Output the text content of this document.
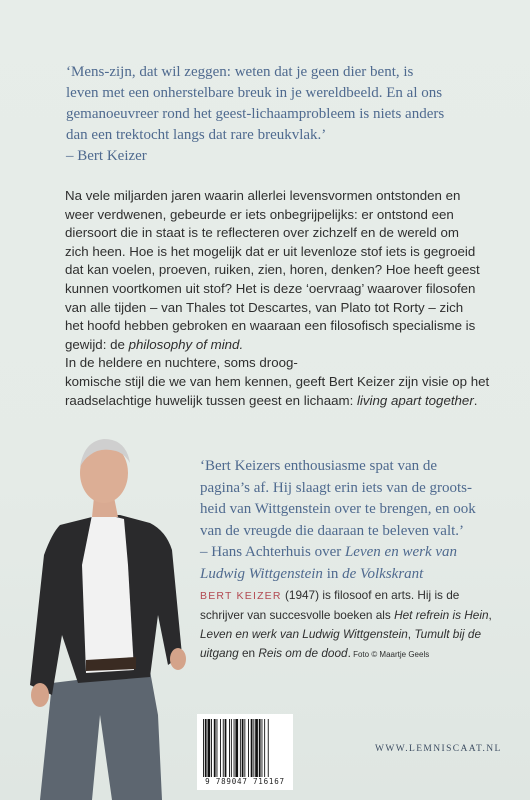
‘Mens-zijn, dat wil zeggen: weten dat je geen dier bent, is
leven met een onherstelbare breuk in je wereldbeeld. En al ons
gemanoeuvreer rond het geest-lichaamprobleem is niets anders
dan een trektocht langs dat rare breukvlak.’
– Bert Keizer
Na vele miljarden jaren waarin allerlei levensvormen ontstonden en
weer verdwenen, gebeurde er iets onbegrijpelijks: er ontstond een
diersoort die in staat is te reflecteren over zichzelf en de wereld om
zich heen. Hoe is het mogelijk dat er uit levenloze stof iets is gegroeid
dat kan voelen, proeven, ruiken, zien, horen, denken? Hoe heeft geest
kunnen voortkomen uit stof? Het is deze ‘oervraag’ waarover filosofen
van alle tijden – van Thales tot Descartes, van Plato tot Rorty – zich
het hoofd hebben gebroken en waaraan een filosofisch specialisme is
gewijd: de philosophy of mind.
In de heldere en nuchtere, soms droog-
komische stijl die we van hem kennen, geeft Bert Keizer zijn visie op het
raadselachtige huwelijk tussen geest en lichaam: living apart together.
‘Bert Keizers enthousiasme spat van de
pagina’s af. Hij slaagt erin iets van de groots-
heid van Wittgenstein over te brengen, en ook
van de vreugde die daaraan te beleven valt.’
– Hans Achterhuis over Leven en werk van
Ludwig Wittgenstein in de Volkskrant
BERT KEIZER (1947) is filosoof en arts. Hij is de
schrijver van succesvolle boeken als Het refrein is Hein,
Leven en werk van Ludwig Wittgenstein, Tumult bij de
uitgang en Reis om de dood. Foto © Maartje Geels
9 789047 716167
WWW.LEMNISCAAT.NL
